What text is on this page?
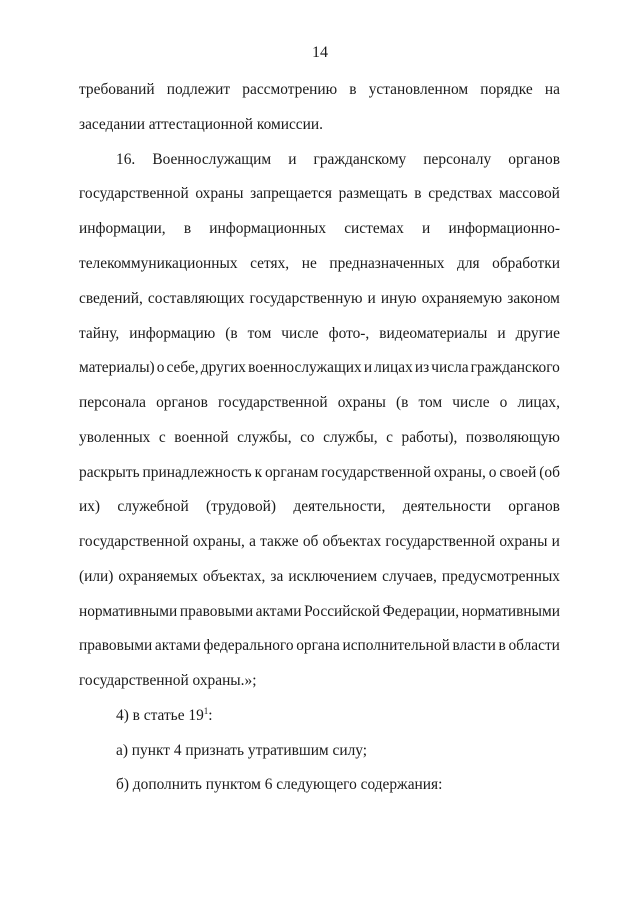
14
требований подлежит рассмотрению в установленном порядке на
заседании аттестационной комиссии.
16. Военнослужащим и гражданскому персоналу органов
государственной охраны запрещается размещать в средствах массовой
информации, в информационных системах и информационно-
телекоммуникационных сетях, не предназначенных для обработки
сведений, составляющих государственную и иную охраняемую законом
тайну, информацию (в том числе фото-, видеоматериалы и другие
материалы) о себе, других военнослужащих и лицах из числа гражданского
персонала органов государственной охраны (в том числе о лицах,
уволенных с военной службы, со службы, с работы), позволяющую
раскрыть принадлежность к органам государственной охраны, о своей (об
их) служебной (трудовой) деятельности, деятельности органов
государственной охраны, а также об объектах государственной охраны и
(или) охраняемых объектах, за исключением случаев, предусмотренных
нормативными правовыми актами Российской Федерации, нормативными
правовыми актами федерального органа исполнительной власти в области
государственной охраны.»;
4) в статье $19^1$:
а) пункт 4 признать утратившим силу;
б) дополнить пунктом 6 следующего содержания:
